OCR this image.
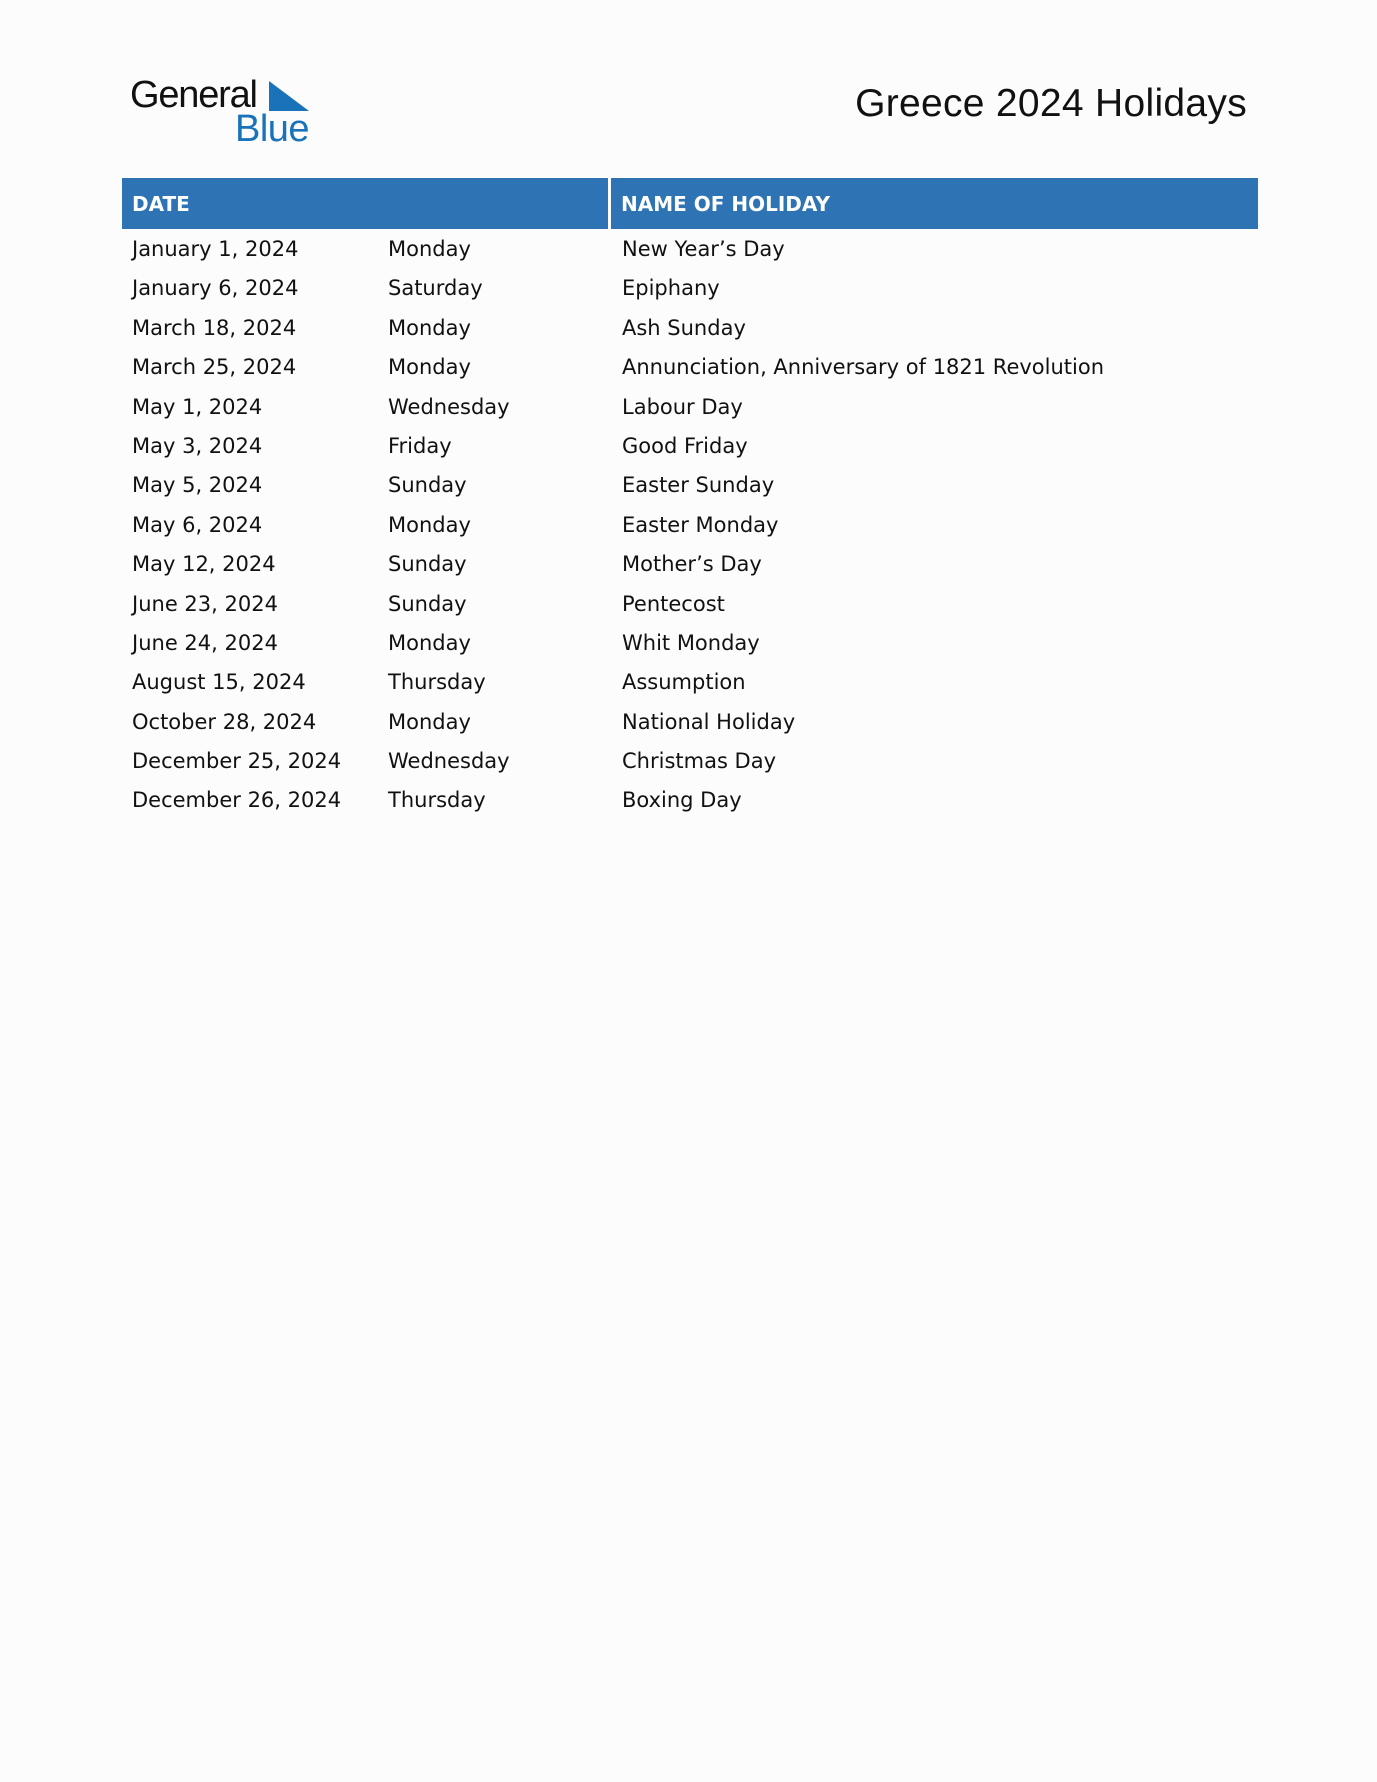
General
Blue
Greece 2024 Holidays
DATE	NAME OF HOLIDAY
January 1, 2024	Monday	New Year’s Day
January 6, 2024	Saturday	Epiphany
March 18, 2024	Monday	Ash Sunday
March 25, 2024	Monday	Annunciation, Anniversary of 1821 Revolution
May 1, 2024	Wednesday	Labour Day
May 3, 2024	Friday	Good Friday
May 5, 2024	Sunday	Easter Sunday
May 6, 2024	Monday	Easter Monday
May 12, 2024	Sunday	Mother’s Day
June 23, 2024	Sunday	Pentecost
June 24, 2024	Monday	Whit Monday
August 15, 2024	Thursday	Assumption
October 28, 2024	Monday	National Holiday
December 25, 2024 Wednesday	Christmas Day
December 26, 2024 Thursday	Boxing Day
